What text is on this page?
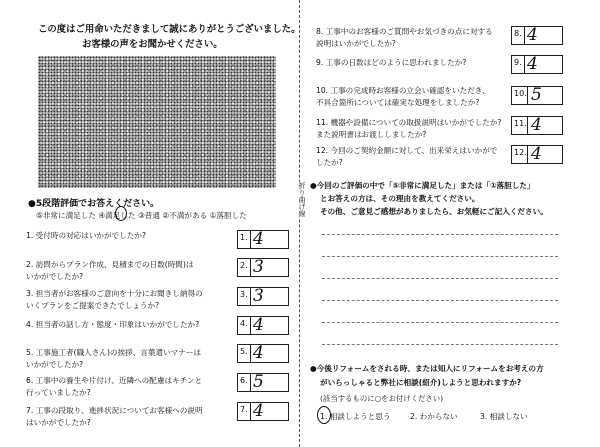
折り曲げ線
この度はご用命いただきまして誠にありがとうございました。
お客様の声をお聞かせください。
●5段階評価でお答えください。
⑤非常に満足した ④満足した ③普通 ②不満がある ①落胆した
1. 受付時の対応はいかがでしたか?
2. 訪問からプラン作成、見積までの日数(時間)は
いかがでしたか?
3. 担当者がお客様のご意向を十分にお聞きし納得の
いくプランをご提案できたでしょうか?
4. 担当者の話し方・態度・印象はいかがでしたか?
5. 工事施工者(職人さん)の挨拶、言葉遣いマナーは
いかがでしたか?
6. 工事中の養生や片付け、近隣への配慮はキチンと
行っていましたか?
7. 工事の段取り、進捗状況についてお客様への説明
はいかがでしたか?
1. 4
2. 3
3. 3
4. 4
5. 4
6. 5
7. 4
8. 工事中のお客様のご質問やお気づきの点に対する
説明はいかがでしたか?
9. 工事の日数はどのように思われましたか?
10. 工事の完成時お客様の立会い確認をいただき、
不具合箇所については確実な処理をしましたか?
11. 機器や設備についての取扱説明はいかがでしたか?
また説明書はお渡ししましたか?
12. 今回のご契約金額に対して、出来栄えはいかがで
したか?
8. 4
9. 4
10. 5
11. 4
12. 4
●今回のご評価の中で「⑤非常に満足した」または「①落胆した」
とお答えの方は、その理由を教えてください。
その他、ご意見ご感想がありましたら、お気軽にご記入ください。
●今後リフォームをされる時、または知人にリフォームをお考えの方
がいらっしゃると弊社に相談(紹介)しようと思われますか?
(該当するものに○をお付けください)
1. 相談しようと思う	2. わからない	3. 相談しない
